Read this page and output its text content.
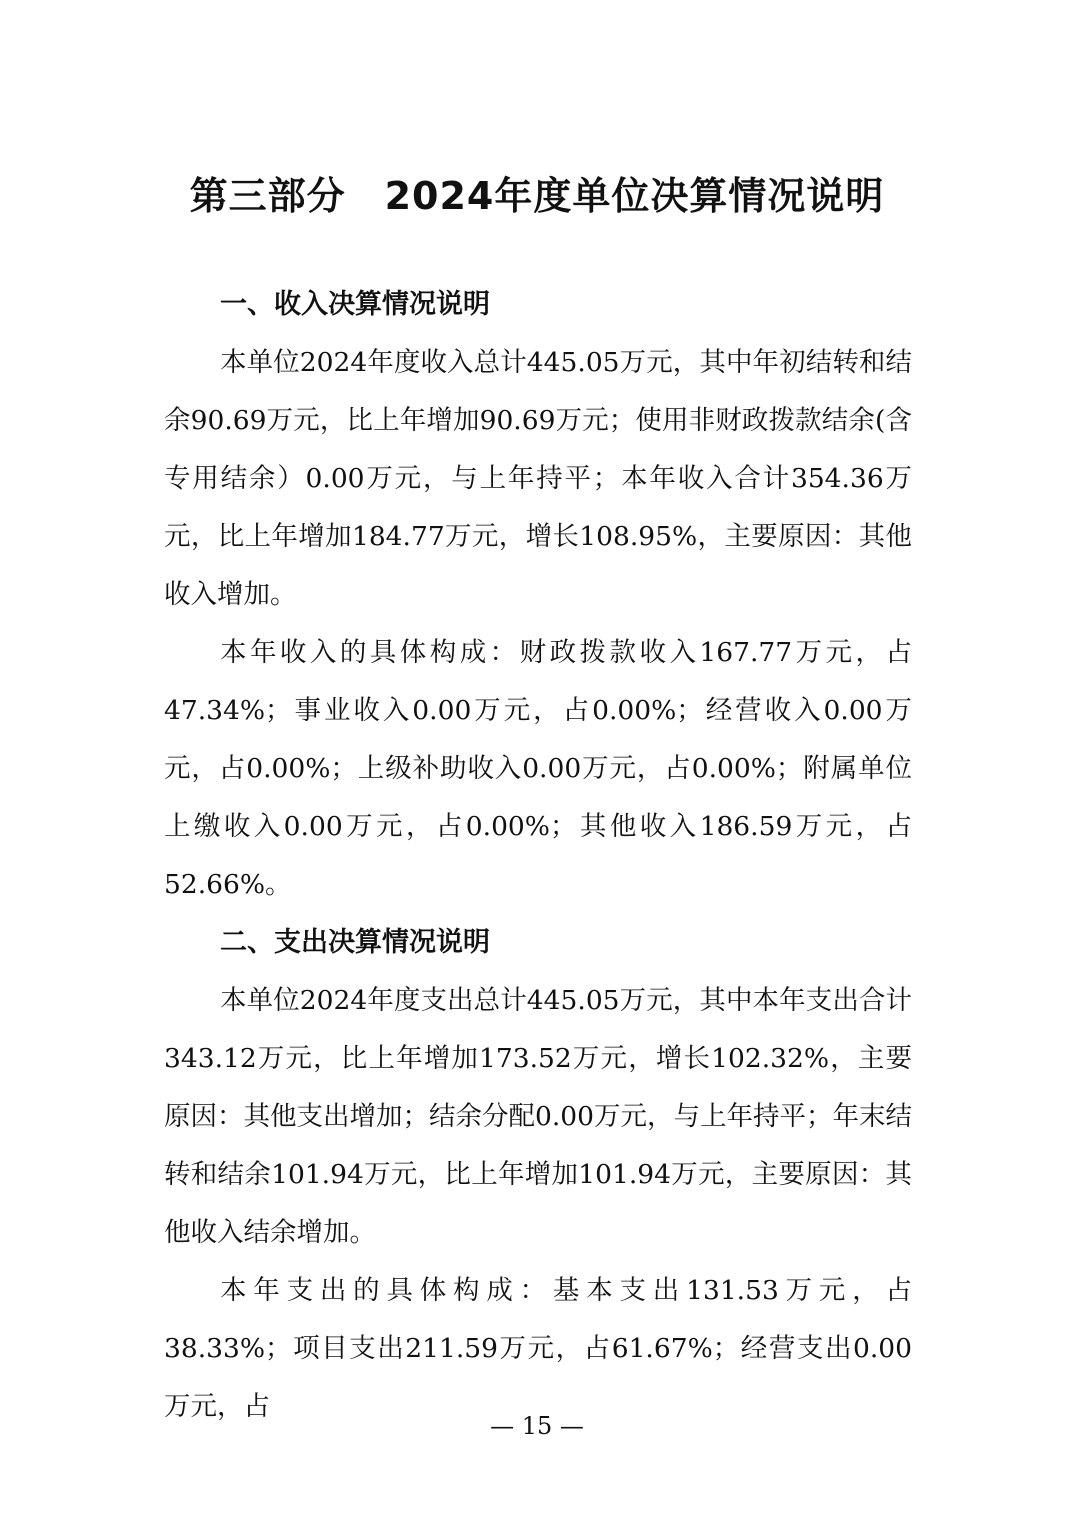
第三部分　2024年度单位决算情况说明

一、收入决算情况说明

本单位2024年度收入总计445.05万元，其中年初结转和结余90.69万元，比上年增加90.69万元；使用非财政拨款结余(含专用结余）0.00万元，与上年持平；本年收入合计354.36万元，比上年增加184.77万元，增长108.95%，主要原因：其他收入增加。

本年收入的具体构成：财政拨款收入167.77万元，占47.34%；事业收入0.00万元，占0.00%；经营收入0.00万元，占0.00%；上级补助收入0.00万元，占0.00%；附属单位上缴收入0.00万元，占0.00%；其他收入186.59万元，占52.66%。

二、支出决算情况说明

本单位2024年度支出总计445.05万元，其中本年支出合计343.12万元，比上年增加173.52万元，增长102.32%，主要原因：其他支出增加；结余分配0.00万元，与上年持平；年末结转和结余101.94万元，比上年增加101.94万元，主要原因：其他收入结余增加。

本年支出的具体构成：基本支出131.53万元，占38.33%；项目支出211.59万元，占61.67%；经营支出0.00万元，占

— 15 —
